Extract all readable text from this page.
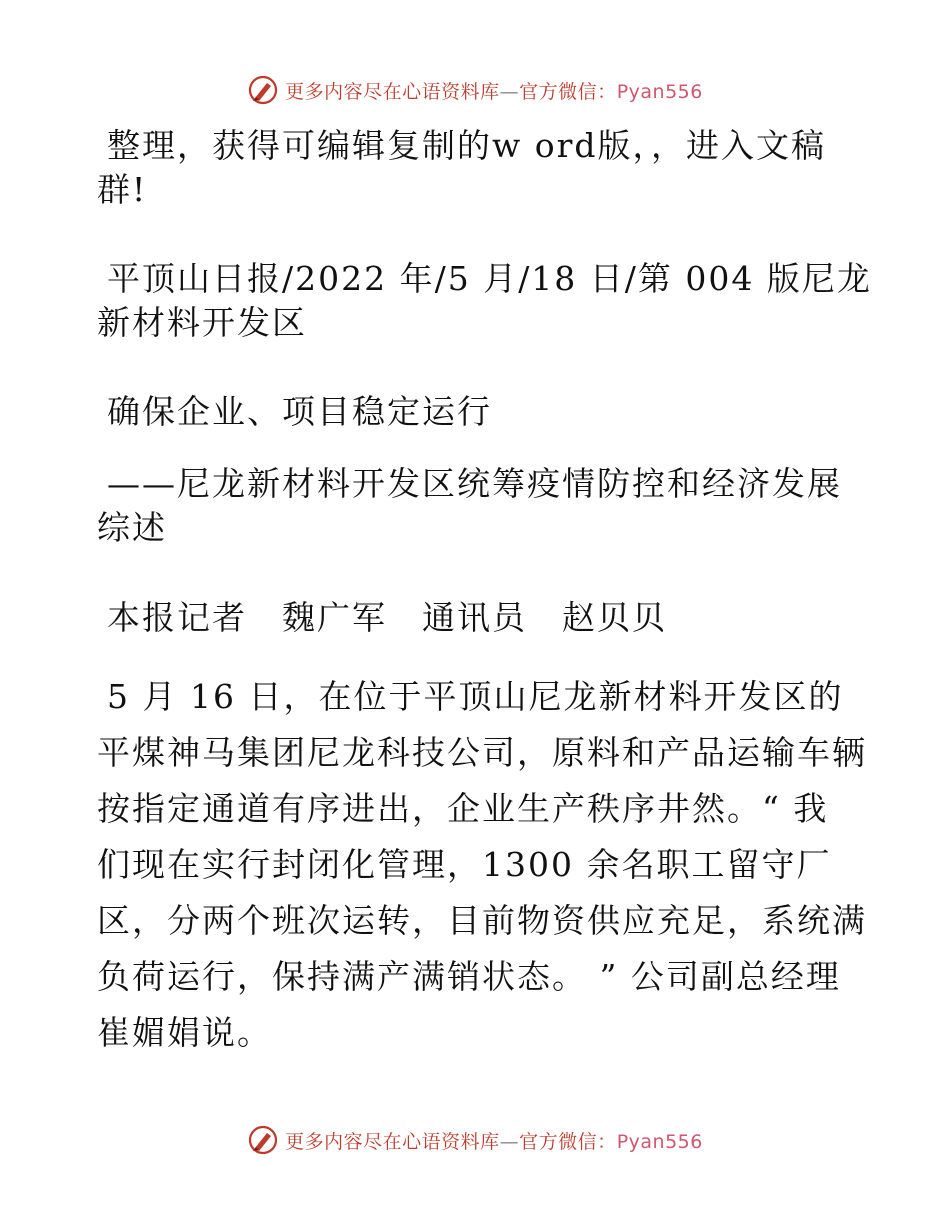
更多内容尽在心语资料库—官方微信：Pyan556

整理，获得可编辑复制的w ord版，，进入文稿
群!

平顶山日报/2022 年/5 月/18 日/第 004 版尼龙
新材料开发区

确保企业、项目稳定运行

——尼龙新材料开发区统筹疫情防控和经济发展
综述

本报记者　魏广军　通讯员　赵贝贝

5 月 16 日，在位于平顶山尼龙新材料开发区的
平煤神马集团尼龙科技公司，原料和产品运输车辆
按指定通道有序进出，企业生产秩序井然。“ 我
们现在实行封闭化管理，1300 余名职工留守厂
区，分两个班次运转，目前物资供应充足，系统满
负荷运行，保持满产满销状态。 ” 公司副总经理
崔媚娟说。

更多内容尽在心语资料库—官方微信：Pyan556
